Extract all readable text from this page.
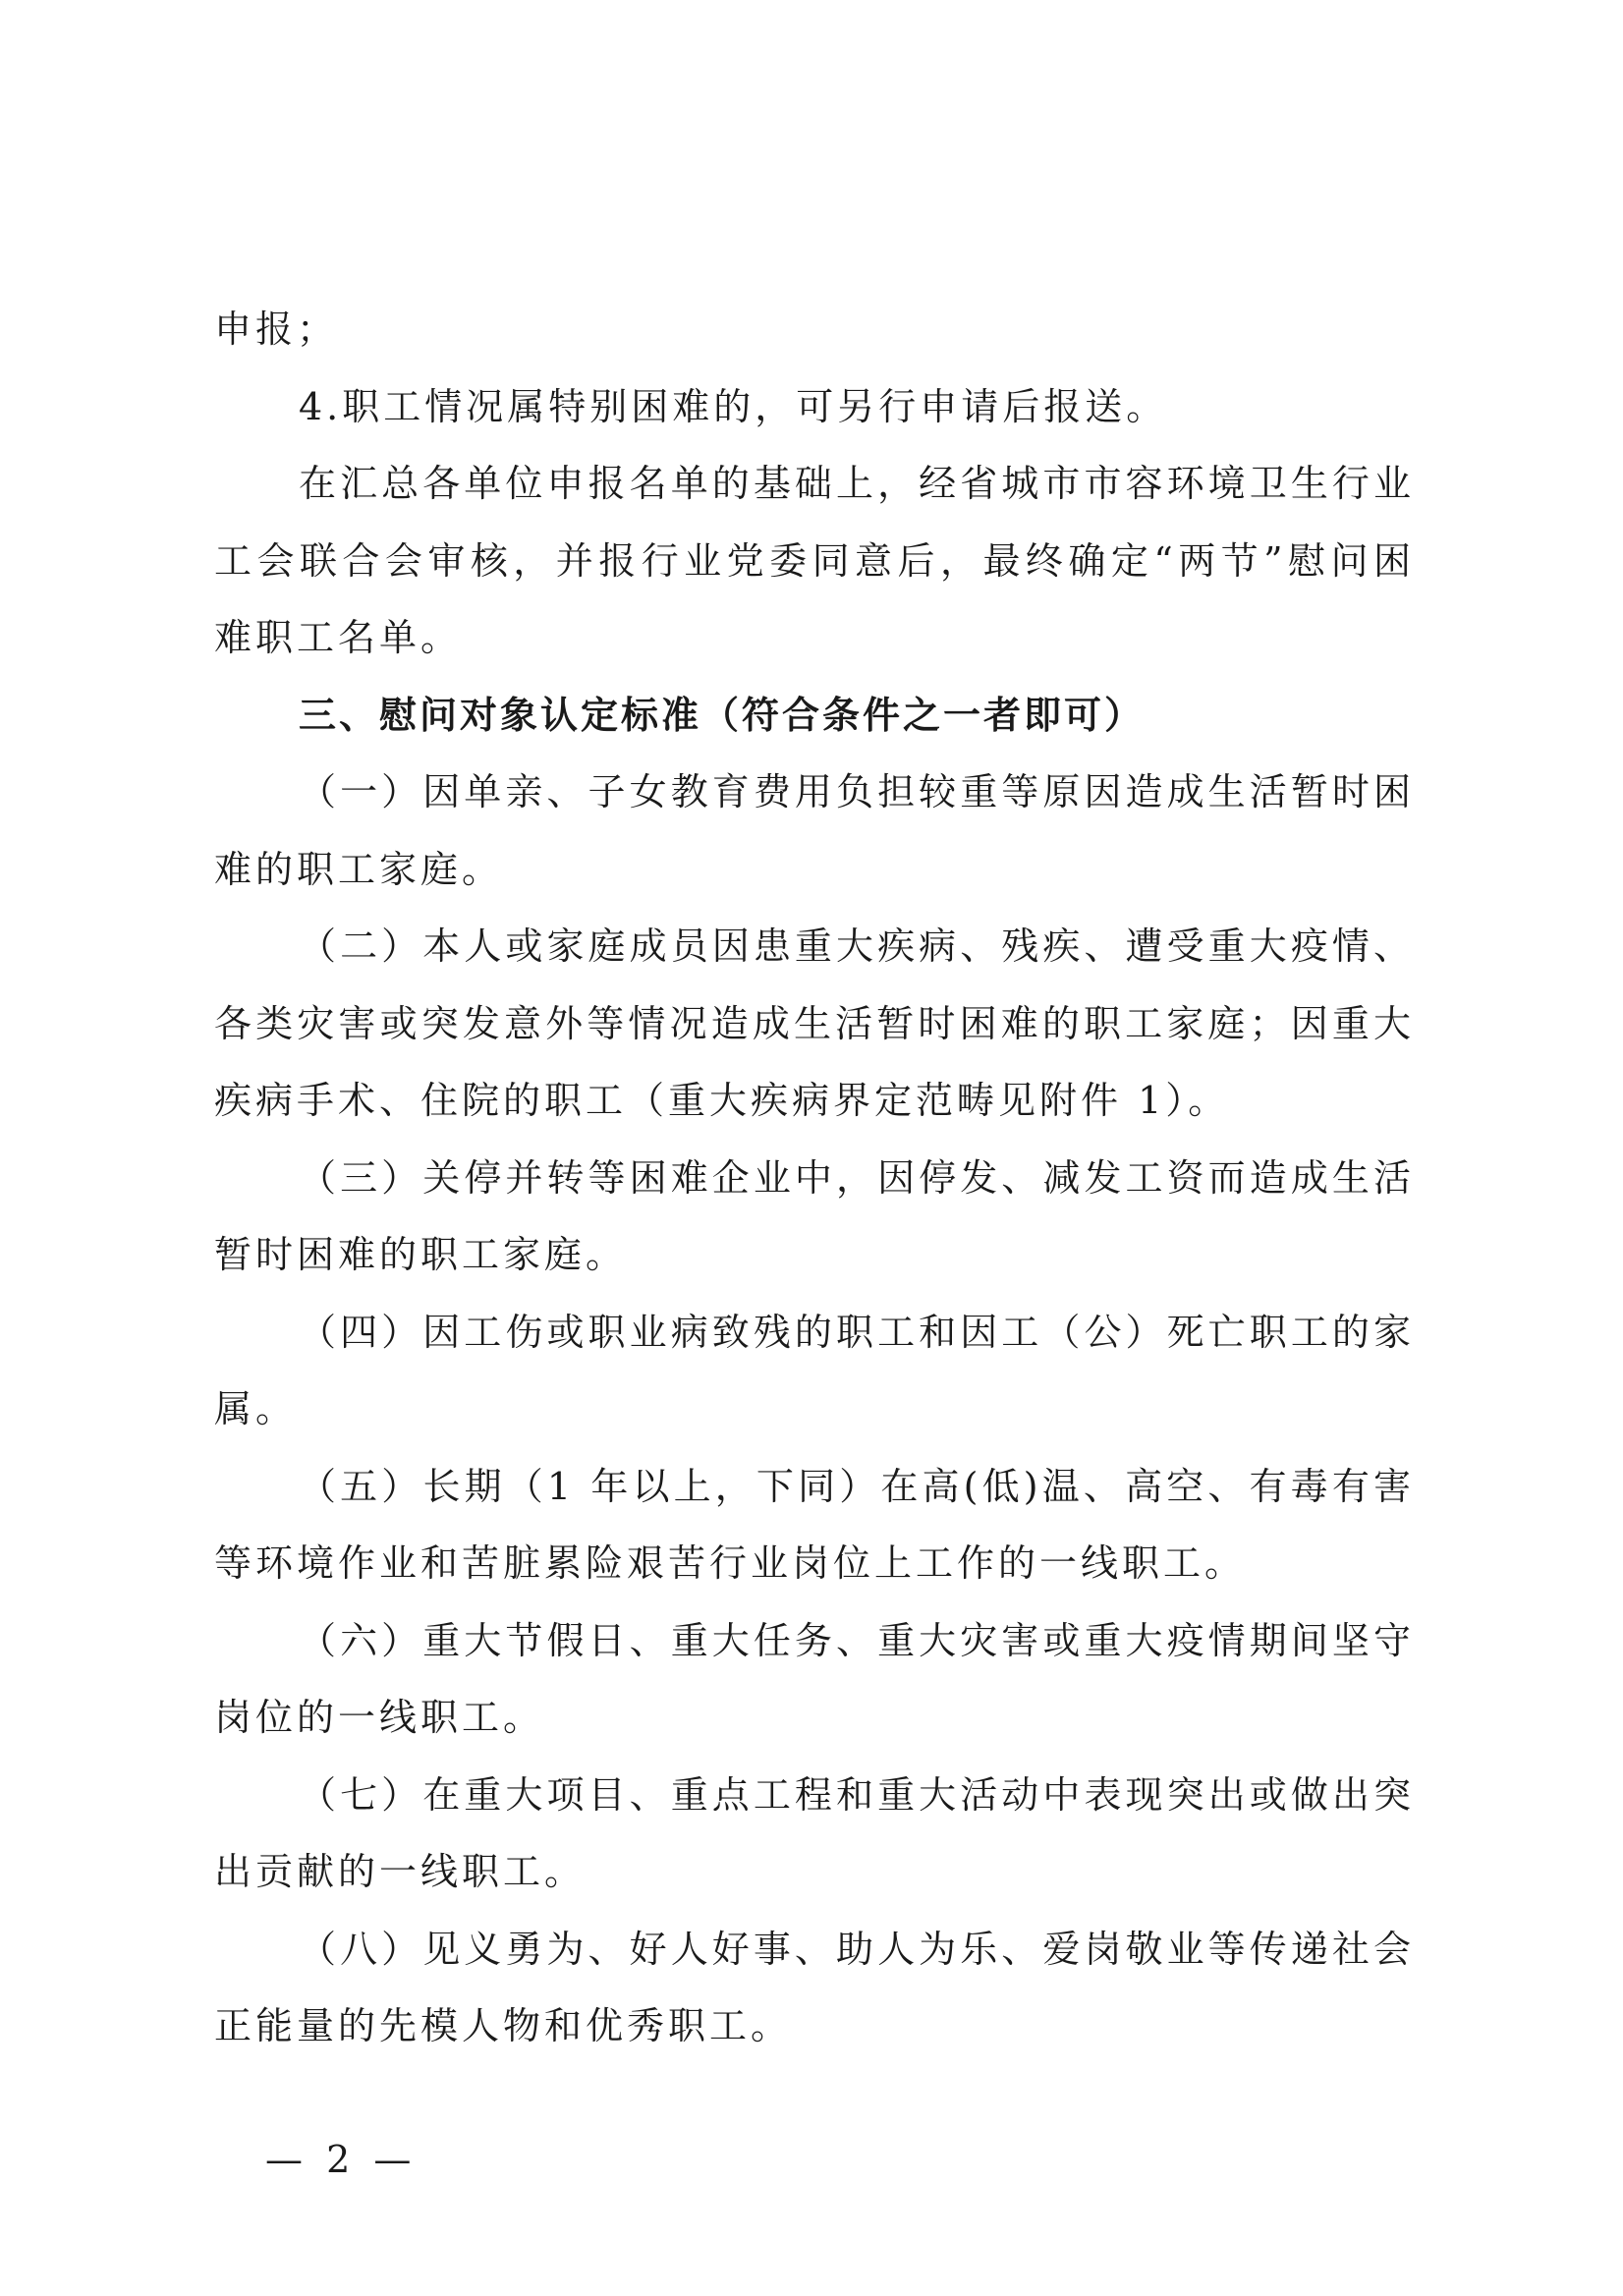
申报；

4.职工情况属特别困难的，可另行申请后报送。

在汇总各单位申报名单的基础上，经省城市市容环境卫生行业工会联合会审核，并报行业党委同意后，最终确定“两节”慰问困难职工名单。

三、慰问对象认定标准（符合条件之一者即可）

（一）因单亲、子女教育费用负担较重等原因造成生活暂时困难的职工家庭。

（二）本人或家庭成员因患重大疾病、残疾、遭受重大疫情、各类灾害或突发意外等情况造成生活暂时困难的职工家庭；因重大疾病手术、住院的职工（重大疾病界定范畴见附件 1）。

（三）关停并转等困难企业中，因停发、减发工资而造成生活暂时困难的职工家庭。

（四）因工伤或职业病致残的职工和因工（公）死亡职工的家属。

（五）长期（1 年以上，下同）在高(低)温、高空、有毒有害等环境作业和苦脏累险艰苦行业岗位上工作的一线职工。

（六）重大节假日、重大任务、重大灾害或重大疫情期间坚守岗位的一线职工。

（七）在重大项目、重点工程和重大活动中表现突出或做出突出贡献的一线职工。

（八）见义勇为、好人好事、助人为乐、爱岗敬业等传递社会正能量的先模人物和优秀职工。

— 2 —
